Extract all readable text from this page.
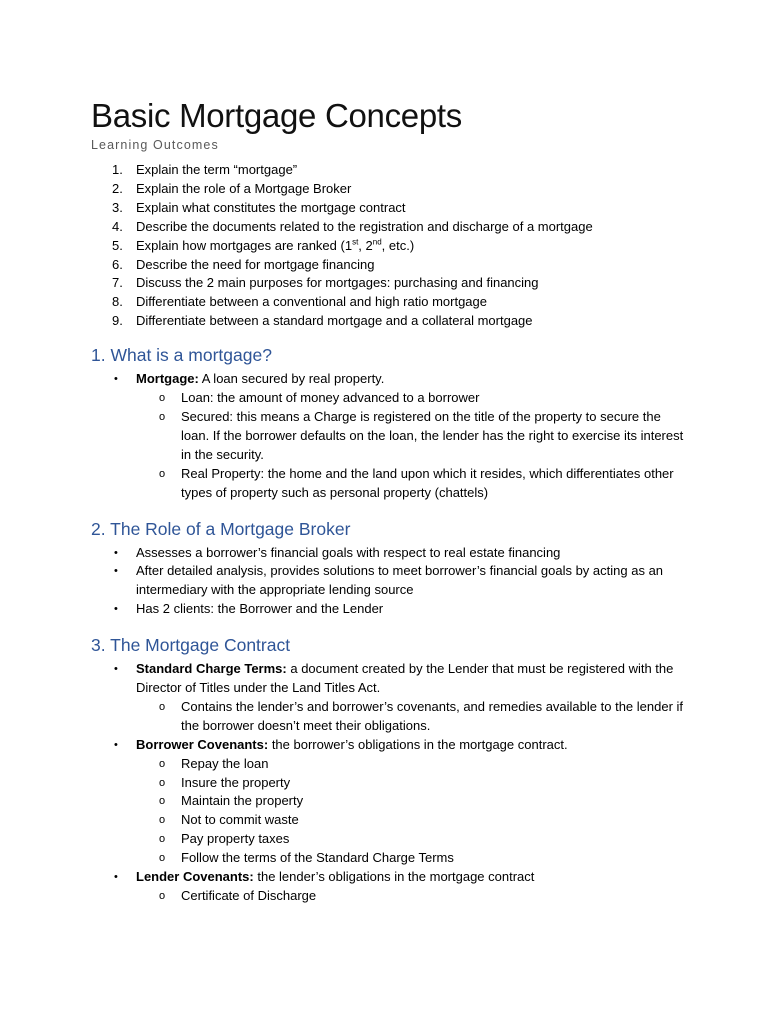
Basic Mortgage Concepts
Learning Outcomes
1. Explain the term “mortgage”
2. Explain the role of a Mortgage Broker
3. Explain what constitutes the mortgage contract
4. Describe the documents related to the registration and discharge of a mortgage
5. Explain how mortgages are ranked (1st, 2nd, etc.)
6. Describe the need for mortgage financing
7. Discuss the 2 main purposes for mortgages: purchasing and financing
8. Differentiate between a conventional and high ratio mortgage
9. Differentiate between a standard mortgage and a collateral mortgage
1. What is a mortgage?
• Mortgage: A loan secured by real property.
o Loan: the amount of money advanced to a borrower
o Secured: this means a Charge is registered on the title of the property to secure the loan. If the borrower defaults on the loan, the lender has the right to exercise its interest in the security.
o Real Property: the home and the land upon which it resides, which differentiates other types of property such as personal property (chattels)
2. The Role of a Mortgage Broker
• Assesses a borrower’s financial goals with respect to real estate financing
• After detailed analysis, provides solutions to meet borrower’s financial goals by acting as an intermediary with the appropriate lending source
• Has 2 clients: the Borrower and the Lender
3. The Mortgage Contract
• Standard Charge Terms: a document created by the Lender that must be registered with the Director of Titles under the Land Titles Act.
o Contains the lender’s and borrower’s covenants, and remedies available to the lender if the borrower doesn’t meet their obligations.
• Borrower Covenants: the borrower’s obligations in the mortgage contract.
o Repay the loan
o Insure the property
o Maintain the property
o Not to commit waste
o Pay property taxes
o Follow the terms of the Standard Charge Terms
• Lender Covenants: the lender’s obligations in the mortgage contract
o Certificate of Discharge
